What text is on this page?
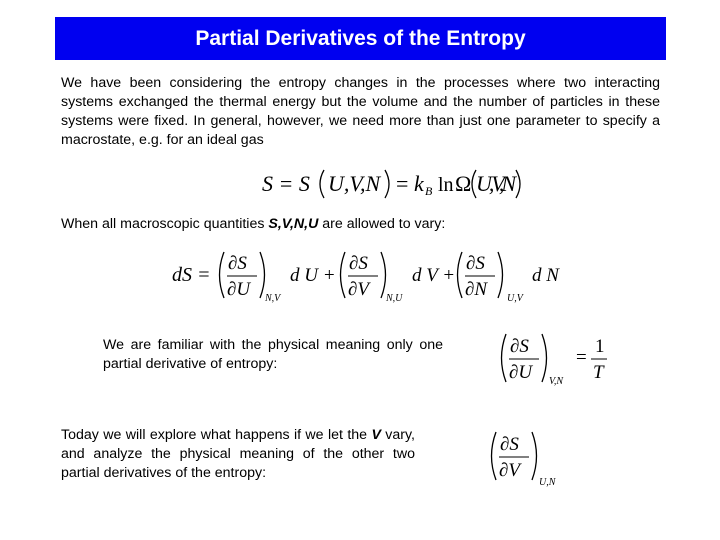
Partial Derivatives of the Entropy

We have been considering the entropy changes in the processes where two interacting systems exchanged the thermal energy but the volume and the number of particles in these systems were fixed. In general, however, we need more than just one parameter to specify a macrostate, e.g. for an ideal gas

S = S U,V,N = k B ln Ω U,V,N

When all macroscopic quantities S,V,N,U are allowed to vary:

dS =
∂S
∂U N,V
d U +
∂S
∂V N,U
d V +
∂S
∂N U,V
d N

We are familiar with the physical meaning only one partial derivative of entropy:

∂S
∂U V,N
=
1
T

Today we will explore what happens if we let the V vary, and analyze the physical meaning of the other two partial derivatives of the entropy:

∂S
∂V
U,N
